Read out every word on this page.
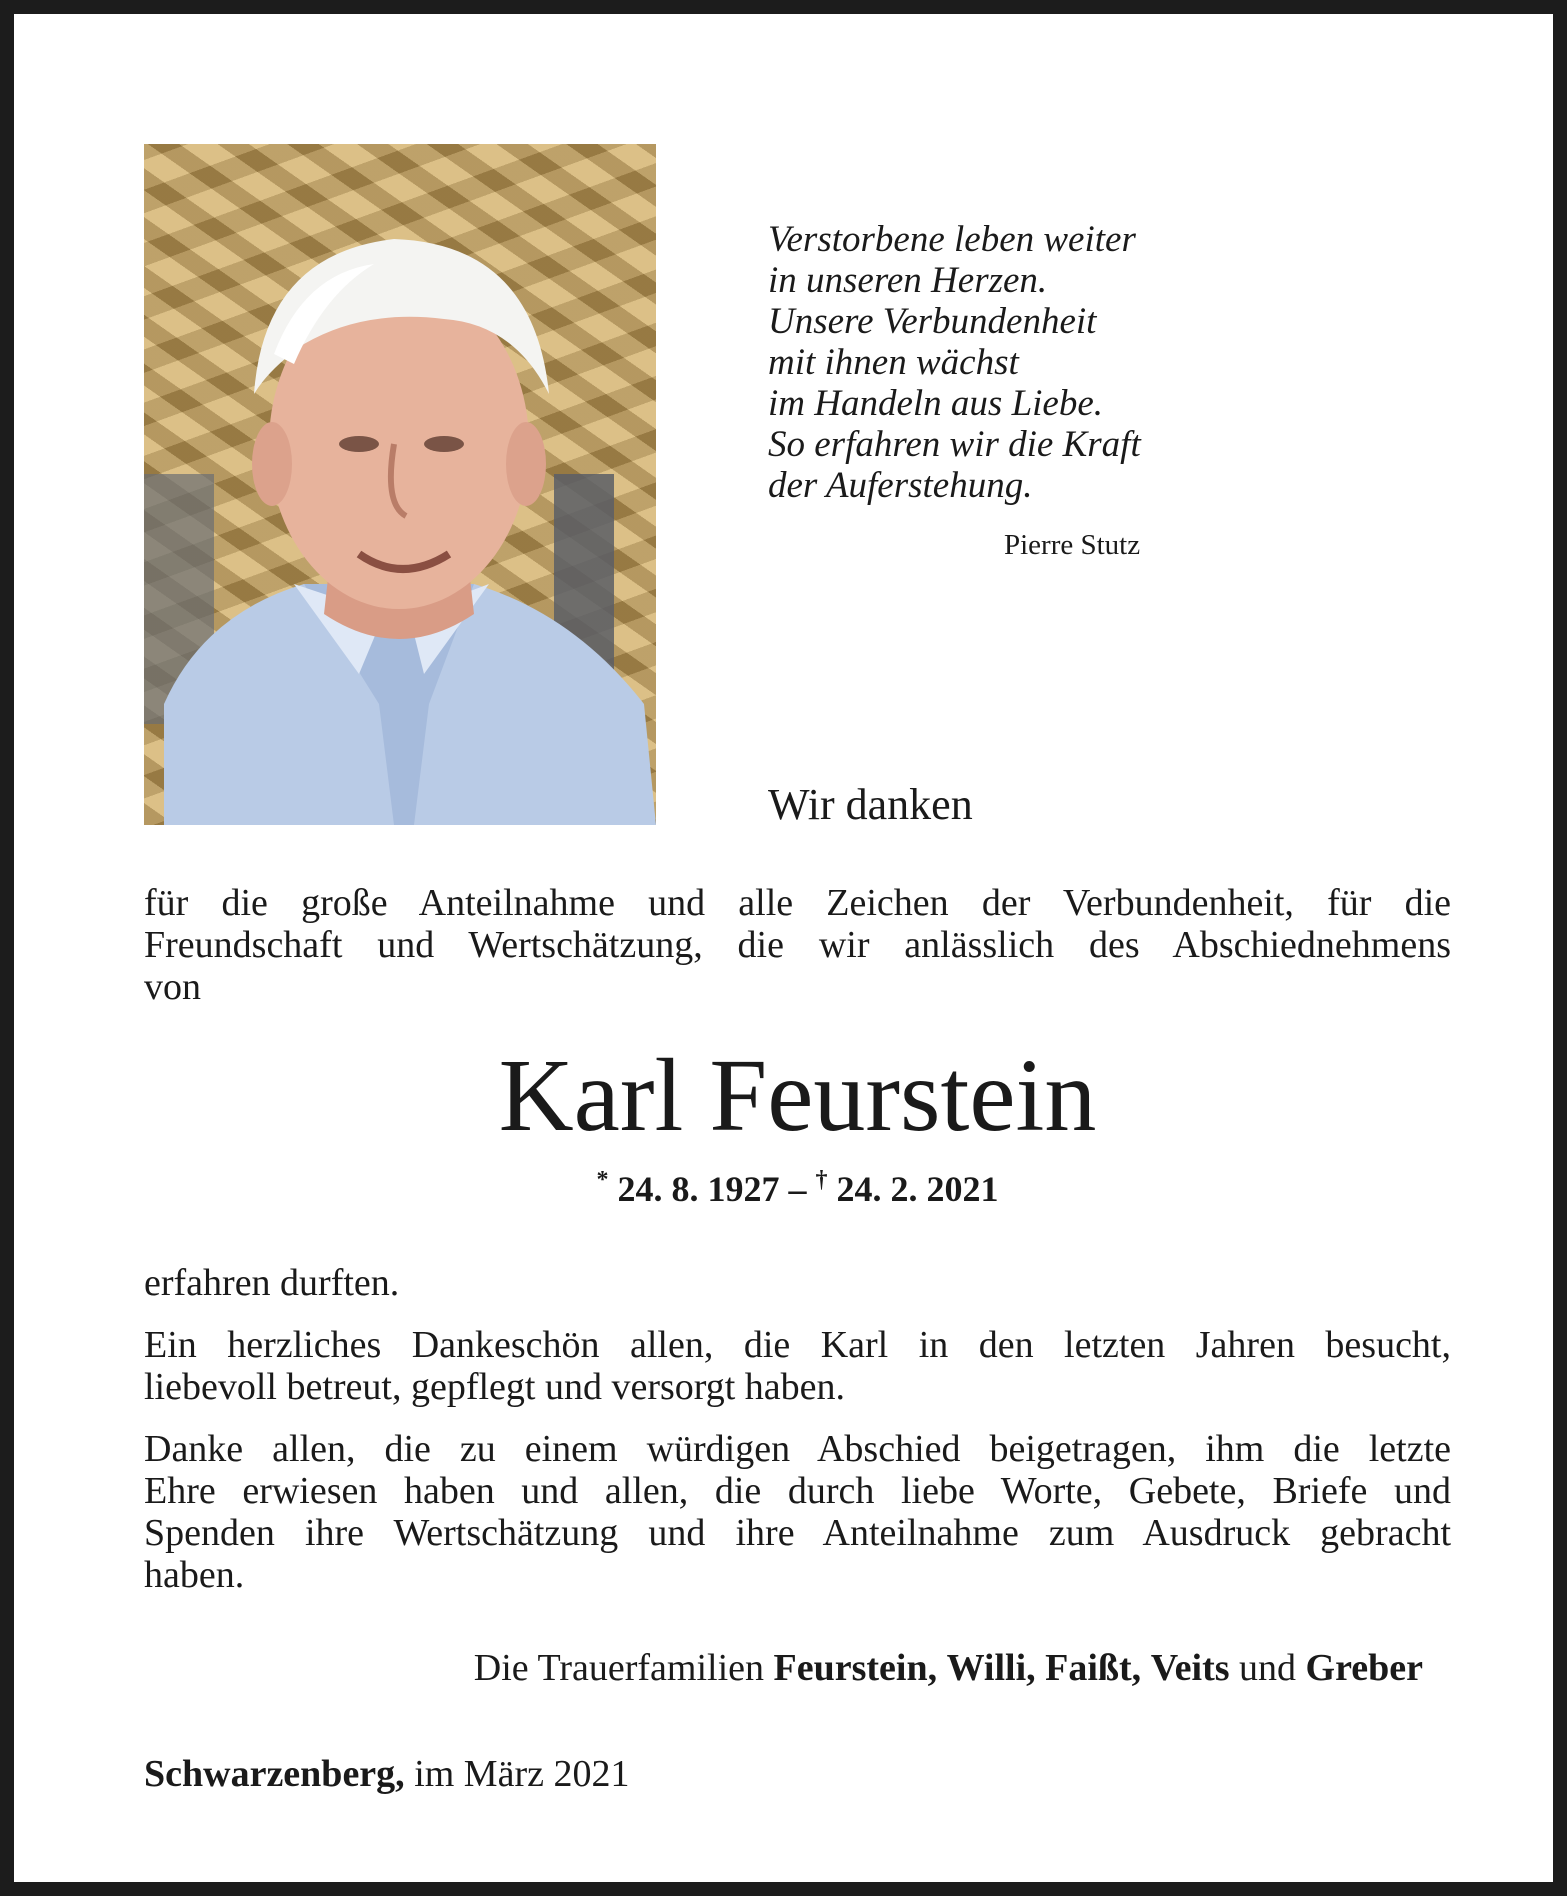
Verstorbene leben weiter
in unseren Herzen.
Unsere Verbundenheit
mit ihnen wächst
im Handeln aus Liebe.
So erfahren wir die Kraft
der Auferstehung.
Pierre Stutz
Wir danken
für die große Anteilnahme und alle Zeichen der Verbundenheit, für die
Freundschaft und Wertschätzung, die wir anlässlich des Abschiednehmens
von
Karl Feurstein
* 24. 8. 1927 – † 24. 2. 2021
erfahren durften.
Ein herzliches Dankeschön allen, die Karl in den letzten Jahren besucht,
liebevoll betreut, gepflegt und versorgt haben.
Danke allen, die zu einem würdigen Abschied beigetragen, ihm die letzte
Ehre erwiesen haben und allen, die durch liebe Worte, Gebete, Briefe und
Spenden ihre Wertschätzung und ihre Anteilnahme zum Ausdruck gebracht
haben.
Die Trauerfamilien Feurstein, Willi, Faißt, Veits und Greber
Schwarzenberg, im März 2021
